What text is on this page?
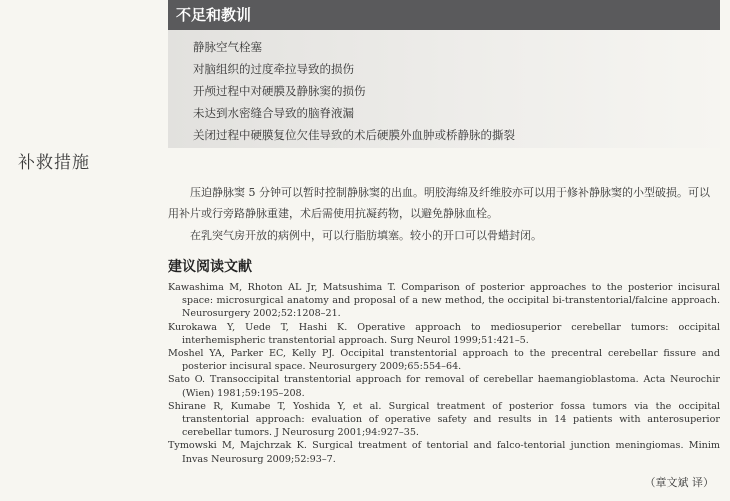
不足和教训
静脉空气栓塞
对脑组织的过度牵拉导致的损伤
开颅过程中对硬膜及静脉窦的损伤
未达到水密缝合导致的脑脊液漏
关闭过程中硬膜复位欠佳导致的术后硬膜外血肿或桥静脉的撕裂
补救措施

压迫静脉窦 5 分钟可以暂时控制静脉窦的出血。明胶海绵及纤维胶亦可以用于修补静脉窦的小型破损。可以用补片或行旁路静脉重建，术后需使用抗凝药物，以避免静脉血栓。

在乳突气房开放的病例中，可以行脂肪填塞。较小的开口可以骨蜡封闭。

建议阅读文献
Kawashima M, Rhoton AL Jr, Matsushima T. Comparison of posterior approaches to the posterior incisural space: microsurgical anatomy and proposal of a new method, the occipital bi-transtentorial/falcine approach. Neurosurgery 2002;52:1208–21.
Kurokawa Y, Uede T, Hashi K. Operative approach to mediosuperior cerebellar tumors: occipital interhemispheric transtentorial approach. Surg Neurol 1999;51:421–5.
Moshel YA, Parker EC, Kelly PJ. Occipital transtentorial approach to the precentral cerebellar fissure and posterior incisural space. Neurosurgery 2009;65:554–64.
Sato O. Transoccipital transtentorial approach for removal of cerebellar haemangioblastoma. Acta Neurochir (Wien) 1981;59:195–208.
Shirane R, Kumabe T, Yoshida Y, et al. Surgical treatment of posterior fossa tumors via the occipital transtentorial approach: evaluation of operative safety and results in 14 patients with anterosuperior cerebellar tumors. J Neurosurg 2001;94:927–35.
Tymowski M, Majchrzak K. Surgical treatment of tentorial and falco-tentorial junction meningiomas. Minim Invas Neurosurg 2009;52:93–7.
（章文斌 译）
